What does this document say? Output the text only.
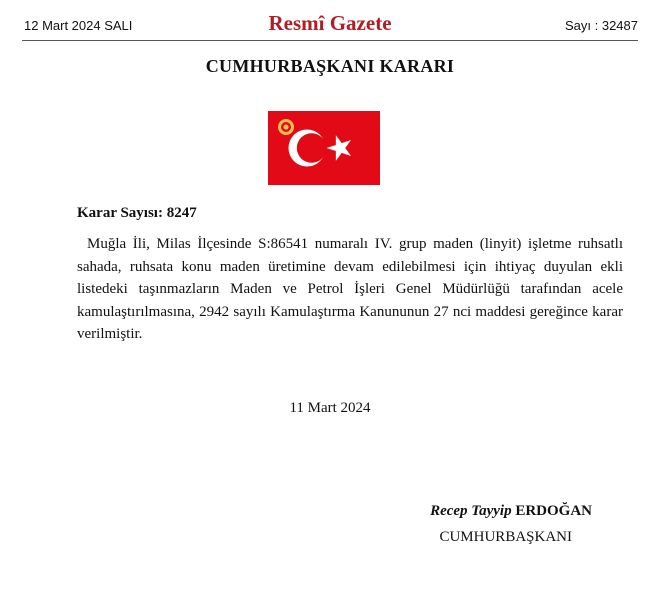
12 Mart 2024 SALI	Resmî Gazete	Sayı : 32487
CUMHURBAŞKANI KARARI
Karar Sayısı: 8247
Muğla İli, Milas İlçesinde S:86541 numaralı IV. grup maden (linyit) işletme ruhsatlı sahada, ruhsata konu maden üretimine devam edilebilmesi için ihtiyaç duyulan ekli listedeki taşınmazların Maden ve Petrol İşleri Genel Müdürlüğü tarafından acele kamulaştırılmasına, 2942 sayılı Kamulaştırma Kanununun 27 nci maddesi gereğince karar verilmiştir.
11 Mart 2024
Recep Tayyip ERDOĞAN
CUMHURBAŞKANI
